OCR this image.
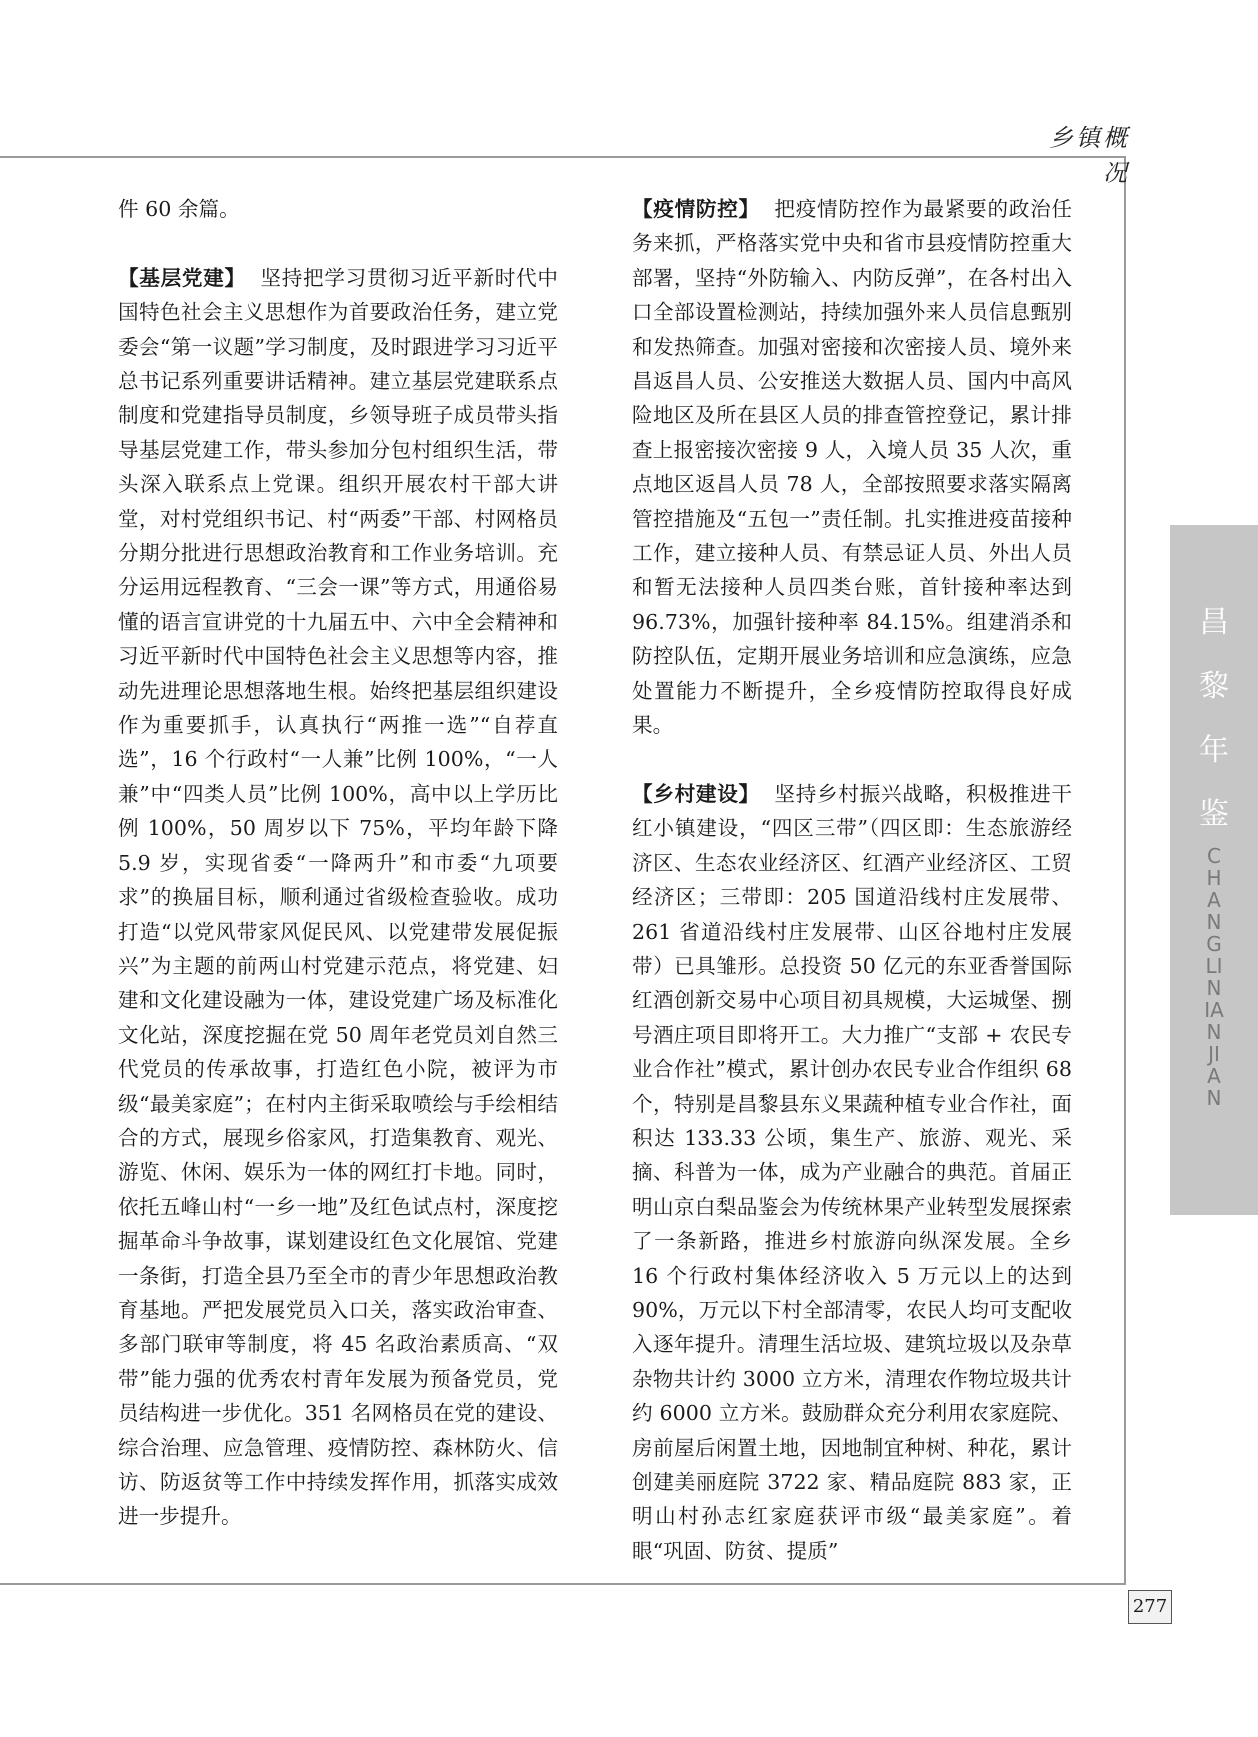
乡镇概况

件 60 余篇。

【基层党建】 坚持把学习贯彻习近平新时代中国特色社会主义思想作为首要政治任务，建立党委会“第一议题”学习制度，及时跟进学习习近平总书记系列重要讲话精神。建立基层党建联系点制度和党建指导员制度，乡领导班子成员带头指导基层党建工作，带头参加分包村组织生活，带头深入联系点上党课。组织开展农村干部大讲堂，对村党组织书记、村“两委”干部、村网格员分期分批进行思想政治教育和工作业务培训。充分运用远程教育、“三会一课”等方式，用通俗易懂的语言宣讲党的十九届五中、六中全会精神和习近平新时代中国特色社会主义思想等内容，推动先进理论思想落地生根。始终把基层组织建设作为重要抓手，认真执行“两推一选”“自荐直选”，16 个行政村“一人兼”比例 100%，“一人兼”中“四类人员”比例 100%，高中以上学历比例 100%，50 周岁以下 75%，平均年龄下降 5.9 岁，实现省委“一降两升”和市委“九项要求”的换届目标，顺利通过省级检查验收。成功打造“以党风带家风促民风、以党建带发展促振兴”为主题的前两山村党建示范点，将党建、妇建和文化建设融为一体，建设党建广场及标准化文化站，深度挖掘在党 50 周年老党员刘自然三代党员的传承故事，打造红色小院，被评为市级“最美家庭”；在村内主街采取喷绘与手绘相结合的方式，展现乡俗家风，打造集教育、观光、游览、休闲、娱乐为一体的网红打卡地。同时，依托五峰山村“一乡一地”及红色试点村，深度挖掘革命斗争故事，谋划建设红色文化展馆、党建一条街，打造全县乃至全市的青少年思想政治教育基地。严把发展党员入口关，落实政治审查、多部门联审等制度，将 45 名政治素质高、“双带”能力强的优秀农村青年发展为预备党员，党员结构进一步优化。351 名网格员在党的建设、综合治理、应急管理、疫情防控、森林防火、信访、防返贫等工作中持续发挥作用，抓落实成效进一步提升。

【疫情防控】 把疫情防控作为最紧要的政治任务来抓，严格落实党中央和省市县疫情防控重大部署，坚持“外防输入、内防反弹”，在各村出入口全部设置检测站，持续加强外来人员信息甄别和发热筛查。加强对密接和次密接人员、境外来昌返昌人员、公安推送大数据人员、国内中高风险地区及所在县区人员的排查管控登记，累计排查上报密接次密接 9 人，入境人员 35 人次，重点地区返昌人员 78 人，全部按照要求落实隔离管控措施及“五包一”责任制。扎实推进疫苗接种工作，建立接种人员、有禁忌证人员、外出人员和暂无法接种人员四类台账，首针接种率达到 96.73%，加强针接种率 84.15%。组建消杀和防控队伍，定期开展业务培训和应急演练，应急处置能力不断提升，全乡疫情防控取得良好成果。

【乡村建设】 坚持乡村振兴战略，积极推进干红小镇建设，“四区三带”（四区即：生态旅游经济区、生态农业经济区、红酒产业经济区、工贸经济区；三带即：205 国道沿线村庄发展带、261 省道沿线村庄发展带、山区谷地村庄发展带）已具雏形。总投资 50 亿元的东亚香誉国际红酒创新交易中心项目初具规模，大运城堡、捌号酒庄项目即将开工。大力推广“支部 + 农民专业合作社”模式，累计创办农民专业合作组织 68 个，特别是昌黎县东义果蔬种植专业合作社，面积达 133.33 公顷，集生产、旅游、观光、采摘、科普为一体，成为产业融合的典范。首届正明山京白梨品鉴会为传统林果产业转型发展探索了一条新路，推进乡村旅游向纵深发展。全乡 16 个行政村集体经济收入 5 万元以上的达到 90%，万元以下村全部清零，农民人均可支配收入逐年提升。清理生活垃圾、建筑垃圾以及杂草杂物共计约 3000 立方米，清理农作物垃圾共计约 6000 立方米。鼓励群众充分利用农家庭院、房前屋后闲置土地，因地制宜种树、种花，累计创建美丽庭院 3722 家、精品庭院 883 家，正明山村孙志红家庭获评市级“最美家庭”。着眼“巩固、防贫、提质”

昌
黎
年
鉴
CHANGLINIANJIAN
277
